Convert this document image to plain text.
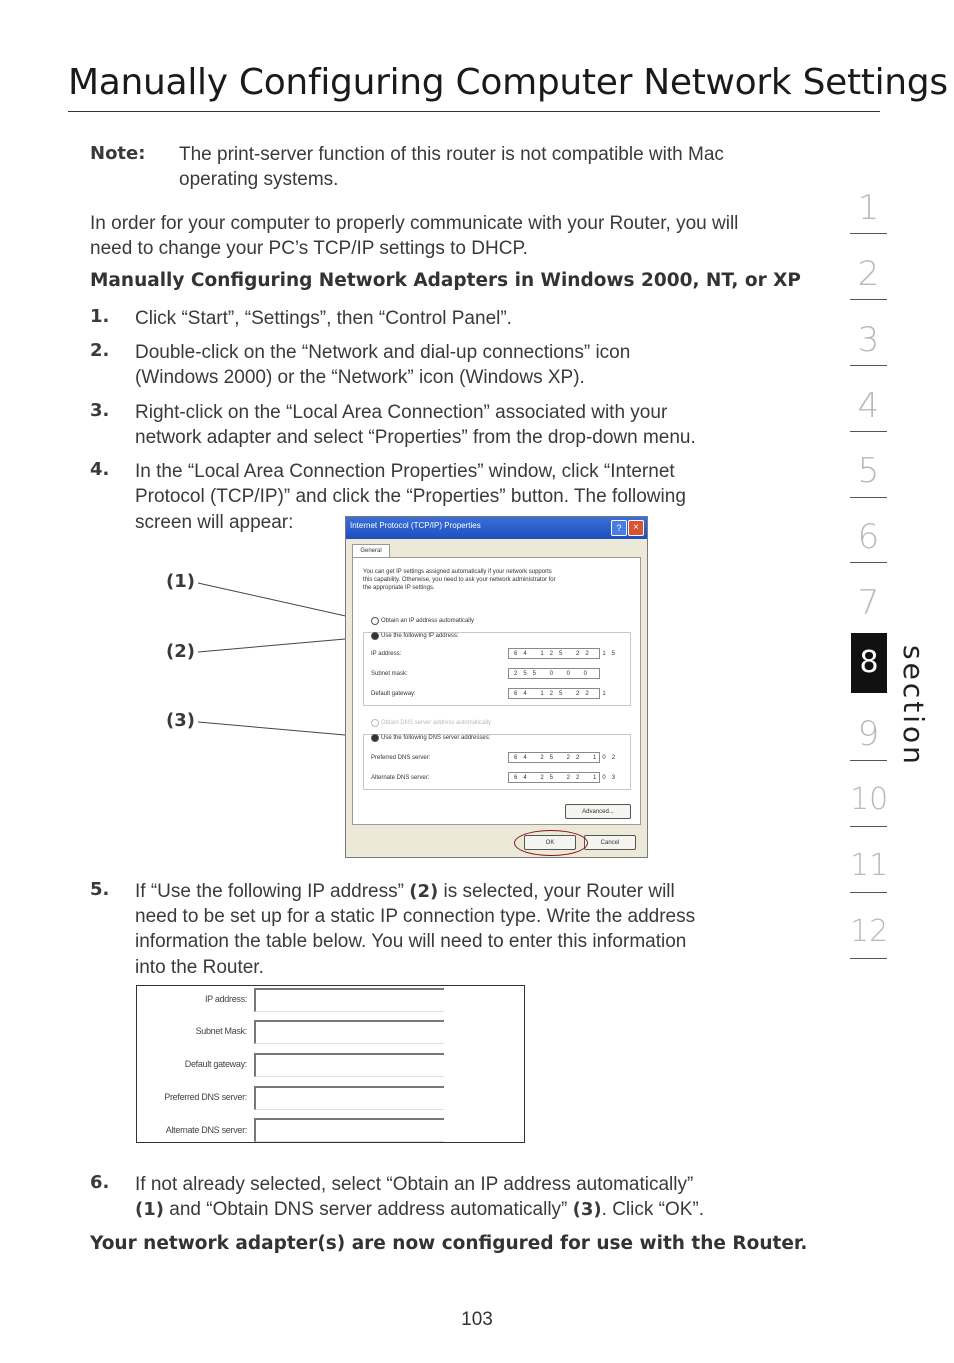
Manually Configuring Computer Network Settings
Note: The print-server function of this router is not compatible with Mac
operating systems.
In order for your computer to properly communicate with your Router, you will
need to change your PC’s TCP/IP settings to DHCP.
Manually Configuring Network Adapters in Windows 2000, NT, or XP
1. Click “Start”, “Settings”, then “Control Panel”.
2. Double-click on the “Network and dial-up connections” icon
(Windows 2000) or the “Network” icon (Windows XP).
3. Right-click on the “Local Area Connection” associated with your
network adapter and select “Properties” from the drop-down menu.
4. In the “Local Area Connection Properties” window, click “Internet
Protocol (TCP/IP)” and click the “Properties” button. The following
screen will appear:
(1)
(2)
(3)
Internet Protocol (TCP/IP) Properties	?	×
General
You can get IP settings assigned automatically if your network supports
this capability. Otherwise, you need to ask your network administrator for
the appropriate IP settings.
Obtain an IP address automatically
Use the following IP address:
IP address:	64 125 22 15
Subnet mask:	255 0 0 0
Default gateway:	64 125 22 1
Obtain DNS server address automatically
Use the following DNS server addresses:
Preferred DNS server:	64 25 22 102
Alternate DNS server:	64 25 22 103
Advanced...
OK	Cancel
5. If “Use the following IP address” (2) is selected, your Router will
need to be set up for a static IP connection type. Write the address
information the table below. You will need to enter this information
into the Router.
IP address:
Subnet Mask:
Default gateway:
Preferred DNS server:
Alternate DNS server:
6. If not already selected, select “Obtain an IP address automatically”
(1) and “Obtain DNS server address automatically” (3). Click “OK”.
Your network adapter(s) are now configured for use with the Router.
1
2
3
4
5
6
7
8
9
10
11
12
section
103
